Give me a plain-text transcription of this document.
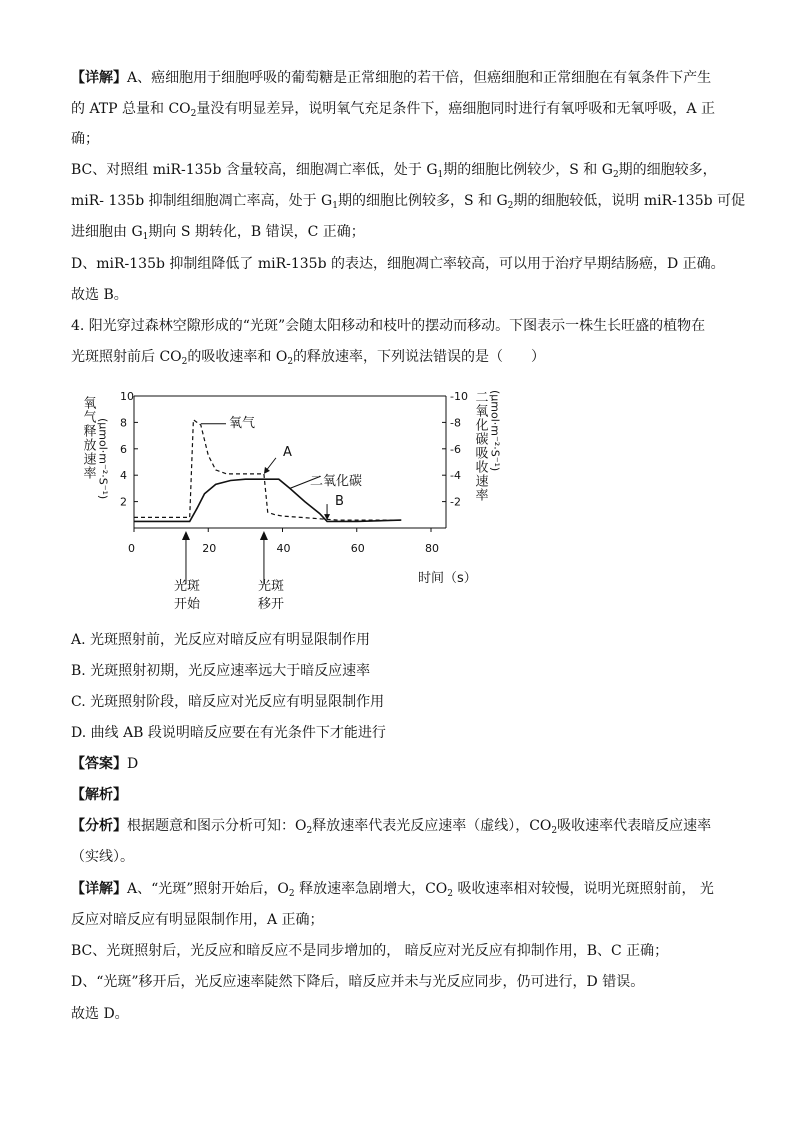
【详解】A、癌细胞用于细胞呼吸的葡萄糖是正常细胞的若干倍，但癌细胞和正常细胞在有氧条件下产生
的 ATP 总量和 $CO_2$量没有明显差异，说明氧气充足条件下，癌细胞同时进行有氧呼吸和无氧呼吸，A 正
确；
BC、对照组 miR-135b 含量较高，细胞凋亡率低，处于 $G_1$期的细胞比例较少，S 和 $G_2$期的细胞较多，
miR- 135b 抑制组细胞凋亡率高，处于 $G_1$期的细胞比例较多，S 和 $G_2$期的细胞较低，说明 miR-135b 可促
进细胞由 $G_1$期向 S 期转化，B 错误，C 正确；
D、miR-135b 抑制组降低了 miR-135b 的表达，细胞凋亡率较高，可以用于治疗早期结肠癌，D 正确。
故选 B。
4. 阳光穿过森林空隙形成的“光斑”会随太阳移动和枝叶的摆动而移动。下图表示一株生长旺盛的植物在
光斑照射前后 $CO_2$的吸收速率和 $O_2$的释放速率，下列说法错误的是（　　）
2	-2
4	-4
6	-6
8	-8
10	-10
0	20	40	60	80
氧气释放速率 (μmol·m⁻²·S⁻¹)	二氧化碳吸收速率 (μmol·m⁻²·S⁻¹)
时间（s）
光斑
开始
光斑
移开
氧气
二氧化碳
A
B
A. 光斑照射前，光反应对暗反应有明显限制作用
B. 光斑照射初期，光反应速率远大于暗反应速率
C. 光斑照射阶段，暗反应对光反应有明显限制作用
D. 曲线 AB 段说明暗反应要在有光条件下才能进行
【答案】D
【解析】
【分析】根据题意和图示分析可知：$O_2$释放速率代表光反应速率（虚线），$CO_2$吸收速率代表暗反应速率
（实线）。
【详解】A、“光斑”照射开始后，$O_2$ 释放速率急剧增大，$CO_2$ 吸收速率相对较慢，说明光斑照射前， 光
反应对暗反应有明显限制作用，A 正确；
BC、光斑照射后，光反应和暗反应不是同步增加的， 暗反应对光反应有抑制作用，B、C 正确；
D、“光斑”移开后，光反应速率陡然下降后，暗反应并未与光反应同步，仍可进行，D 错误。
故选 D。
